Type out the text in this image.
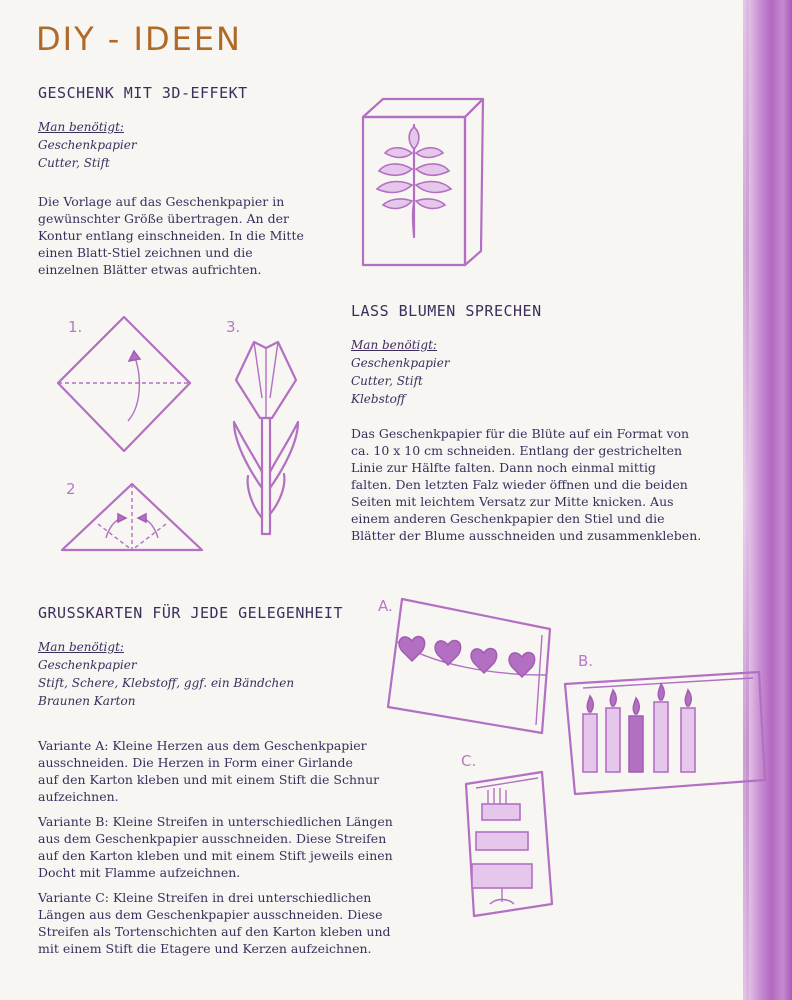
DIY - IDEEN
GESCHENK MIT 3D-EFFEKT
Man benötigt:
Geschenkpapier
Cutter, Stift

Die Vorlage auf das Geschenkpapier in

gewünschter Größe übertragen. An der

Kontur entlang einschneiden. In die Mitte

einen Blatt-Stiel zeichnen und die

einzelnen Blätter etwas aufrichten.

1.
2
3.
LASS BLUMEN SPRECHEN
Man benötigt:
Geschenkpapier
Cutter, Stift
Klebstoff

Das Geschenkpapier für die Blüte auf ein Format von

ca. 10 x 10 cm schneiden. Entlang der gestrichelten

Linie zur Hälfte falten. Dann noch einmal mittig

falten. Den letzten Falz wieder öffnen und die beiden

Seiten mit leichtem Versatz zur Mitte knicken. Aus

einem anderen Geschenkpapier den Stiel und die

Blätter der Blume ausschneiden und zusammenkleben.

GRUSSKARTEN FÜR JEDE GELEGENHEIT
Man benötigt:
Geschenkpapier
Stift, Schere, Klebstoff, ggf. ein Bändchen
Braunen Karton

Variante A: Kleine Herzen aus dem Geschenkpapier

ausschneiden. Die Herzen in Form einer Girlande

auf den Karton kleben und mit einem Stift die Schnur

aufzeichnen.

Variante B: Kleine Streifen in unterschiedlichen Längen

aus dem Geschenkpapier ausschneiden. Diese Streifen

auf den Karton kleben und mit einem Stift jeweils einen

Docht mit Flamme aufzeichnen.

Variante C: Kleine Streifen in drei unterschiedlichen

Längen aus dem Geschenkpapier ausschneiden. Diese

Streifen als Tortenschichten auf den Karton kleben und

mit einem Stift die Etagere und Kerzen aufzeichnen.

A.
B.
C.
